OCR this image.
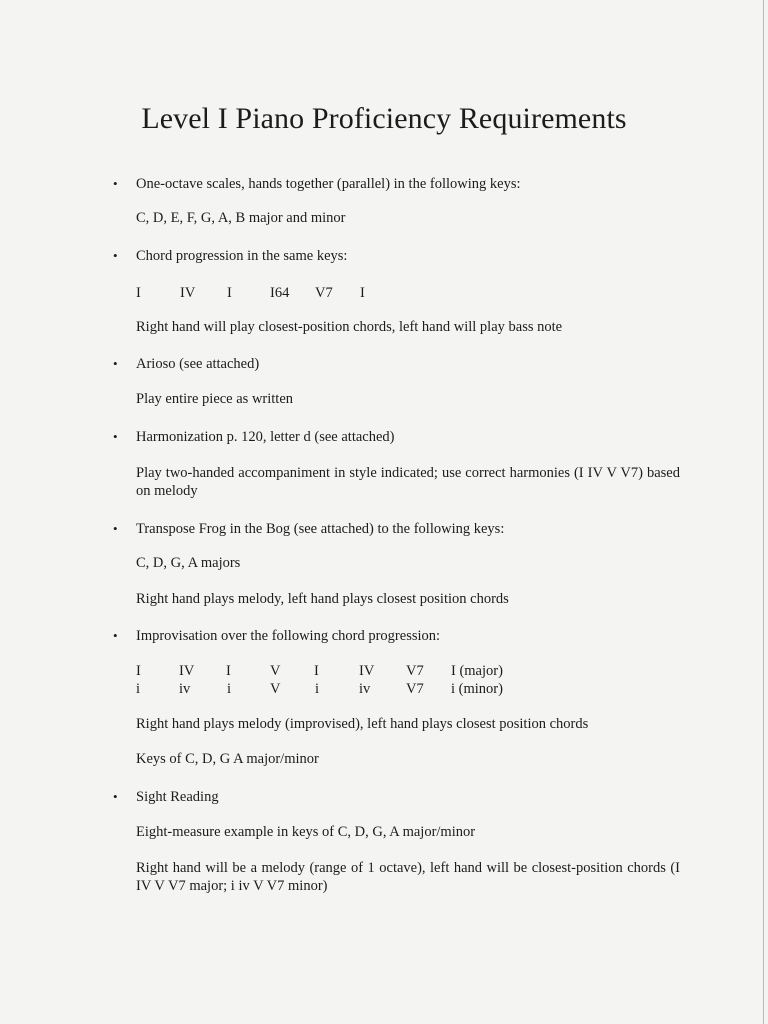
Level I Piano Proficiency Requirements
• One-octave scales, hands together (parallel) in the following keys:
C, D, E, F, G, A, B major and minor
• Chord progression in the same keys:
I	IV I	I64 V7 I
Right hand will play closest-position chords, left hand will play bass note
• Arioso (see attached)
Play entire piece as written
• Harmonization p. 120, letter d (see attached)
Play two-handed accompaniment in style indicated; use correct harmonies (I IV V V7) based on melody
• Transpose Frog in the Bog (see attached) to the following keys:
C, D, G, A majors
Right hand plays melody, left hand plays closest position chords
• Improvisation over the following chord progression:
I	IV I	V I	IV V7 I (major)
i	iv	i	V i	iv V7 i (minor)
Right hand plays melody (improvised), left hand plays closest position chords
Keys of C, D, G A major/minor
• Sight Reading
Eight-measure example in keys of C, D, G, A major/minor
Right hand will be a melody (range of 1 octave), left hand will be closest-position chords (I IV V V7 major; i iv V V7 minor)
